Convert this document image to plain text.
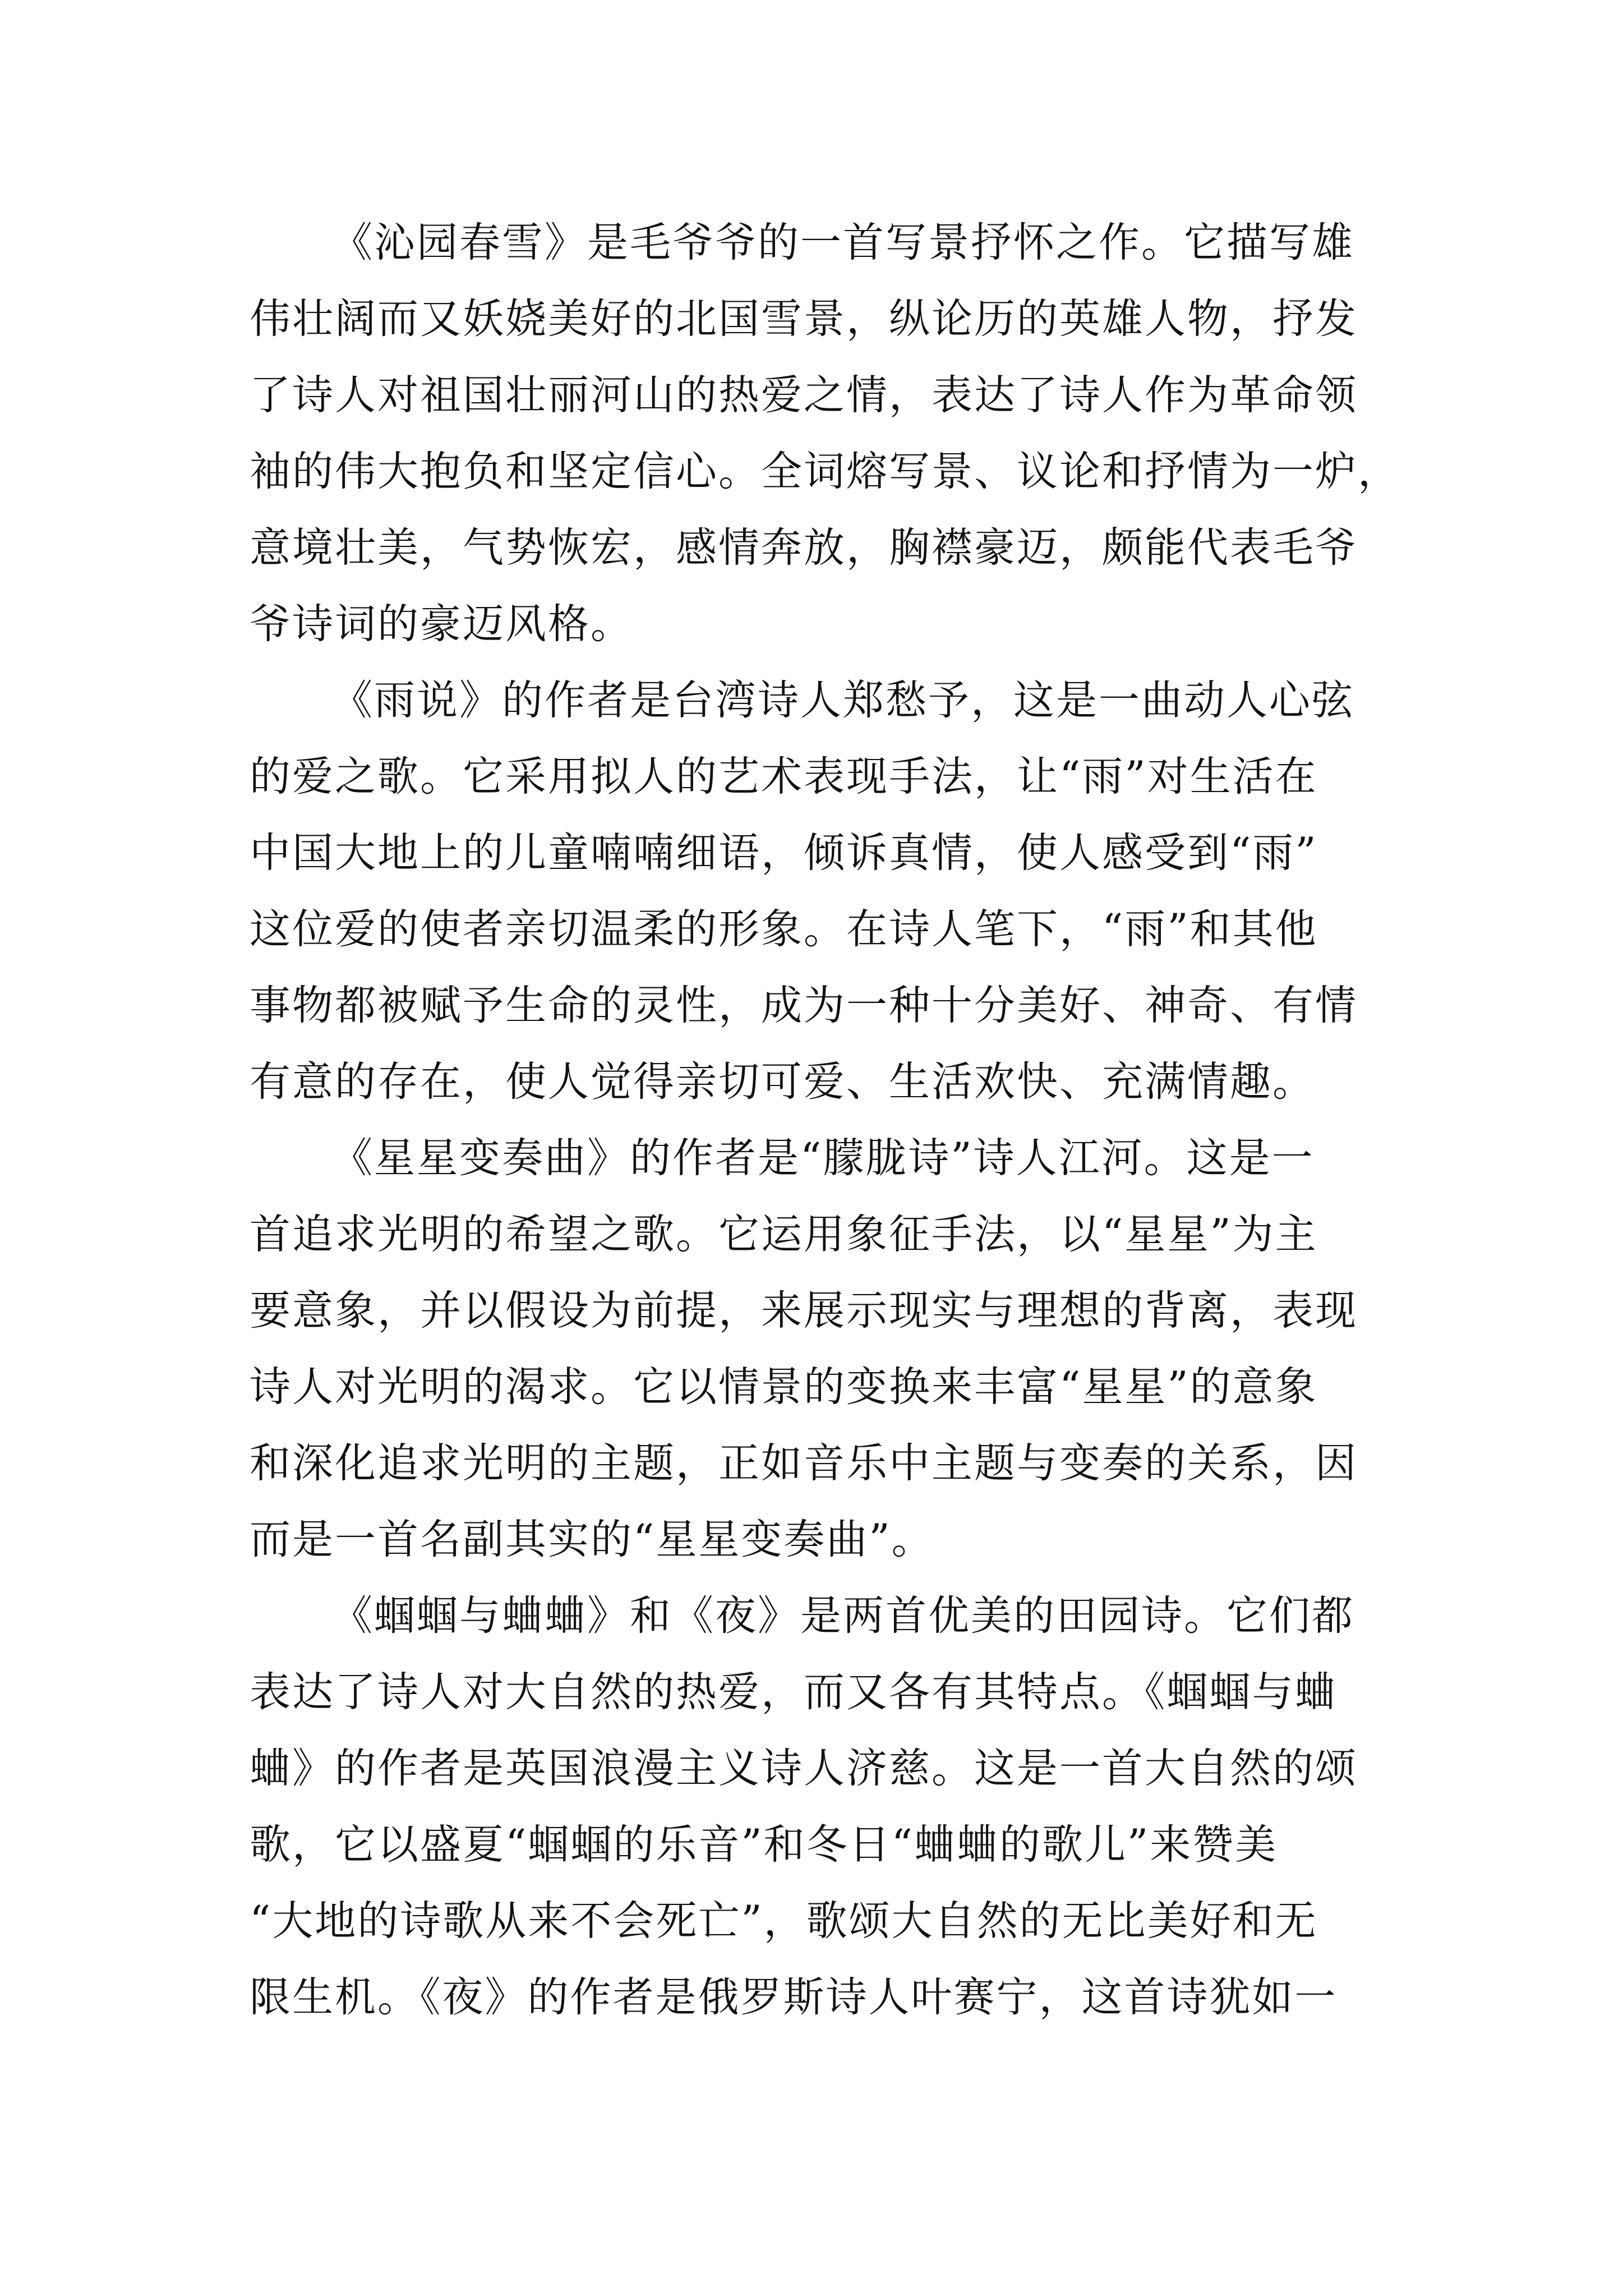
《沁园春雪》是毛爷爷的一首写景抒怀之作。它描写雄
伟壮阔而又妖娆美好的北国雪景，纵论历的英雄人物，抒发
了诗人对祖国壮丽河山的热爱之情，表达了诗人作为革命领
袖的伟大抱负和坚定信心。全词熔写景、议论和抒情为一炉，
意境壮美，气势恢宏，感情奔放，胸襟豪迈，颇能代表毛爷
爷诗词的豪迈风格。
《雨说》的作者是台湾诗人郑愁予，这是一曲动人心弦
的爱之歌。它采用拟人的艺术表现手法，让“雨”对生活在
中国大地上的儿童喃喃细语，倾诉真情，使人感受到“雨”
这位爱的使者亲切温柔的形象。在诗人笔下，“雨”和其他
事物都被赋予生命的灵性，成为一种十分美好、神奇、有情
有意的存在，使人觉得亲切可爱、生活欢快、充满情趣。
《星星变奏曲》的作者是“朦胧诗”诗人江河。这是一
首追求光明的希望之歌。它运用象征手法，以“星星”为主
要意象，并以假设为前提，来展示现实与理想的背离，表现
诗人对光明的渴求。它以情景的变换来丰富“星星”的意象
和深化追求光明的主题，正如音乐中主题与变奏的关系，因
而是一首名副其实的“星星变奏曲”。
《蝈蝈与蛐蛐》和《夜》是两首优美的田园诗。它们都
表达了诗人对大自然的热爱，而又各有其特点。《蝈蝈与蛐
蛐》的作者是英国浪漫主义诗人济慈。这是一首大自然的颂
歌，它以盛夏“蝈蝈的乐音”和冬日“蛐蛐的歌儿”来赞美
“大地的诗歌从来不会死亡”，歌颂大自然的无比美好和无
限生机。《夜》的作者是俄罗斯诗人叶赛宁，这首诗犹如一
